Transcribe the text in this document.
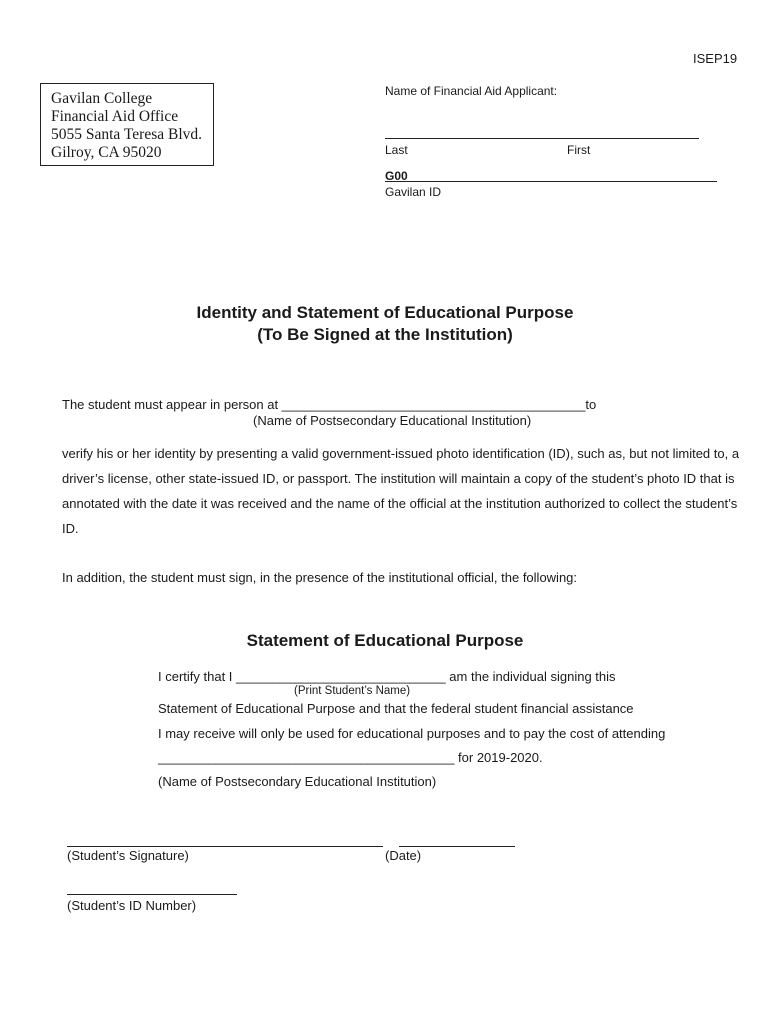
ISEP19
Gavilan College
Financial Aid Office
5055 Santa Teresa Blvd.
Gilroy, CA 95020
Name of Financial Aid Applicant:
Last	First
G00
Gavilan ID
Identity and Statement of Educational Purpose
(To Be Signed at the Institution)
The student must appear in person at __________________________________________to
(Name of Postsecondary Educational Institution)
verify his or her identity by presenting a valid government-issued photo identification (ID), such as, but not limited to, a driver’s license, other state-issued ID, or passport. The institution will maintain a copy of the student’s photo ID that is annotated with the date it was received and the name of the official at the institution authorized to collect the student’s ID.
In addition, the student must sign, in the presence of the institutional official, the following:
Statement of Educational Purpose
I certify that I _____________________________ am the individual signing this
(Print Student’s Name)
Statement of Educational Purpose and that the federal student financial assistance
I may receive will only be used for educational purposes and to pay the cost of attending
_________________________________________ for 2019-2020.
(Name of Postsecondary Educational Institution)
(Student’s Signature)	(Date)
(Student’s ID Number)
